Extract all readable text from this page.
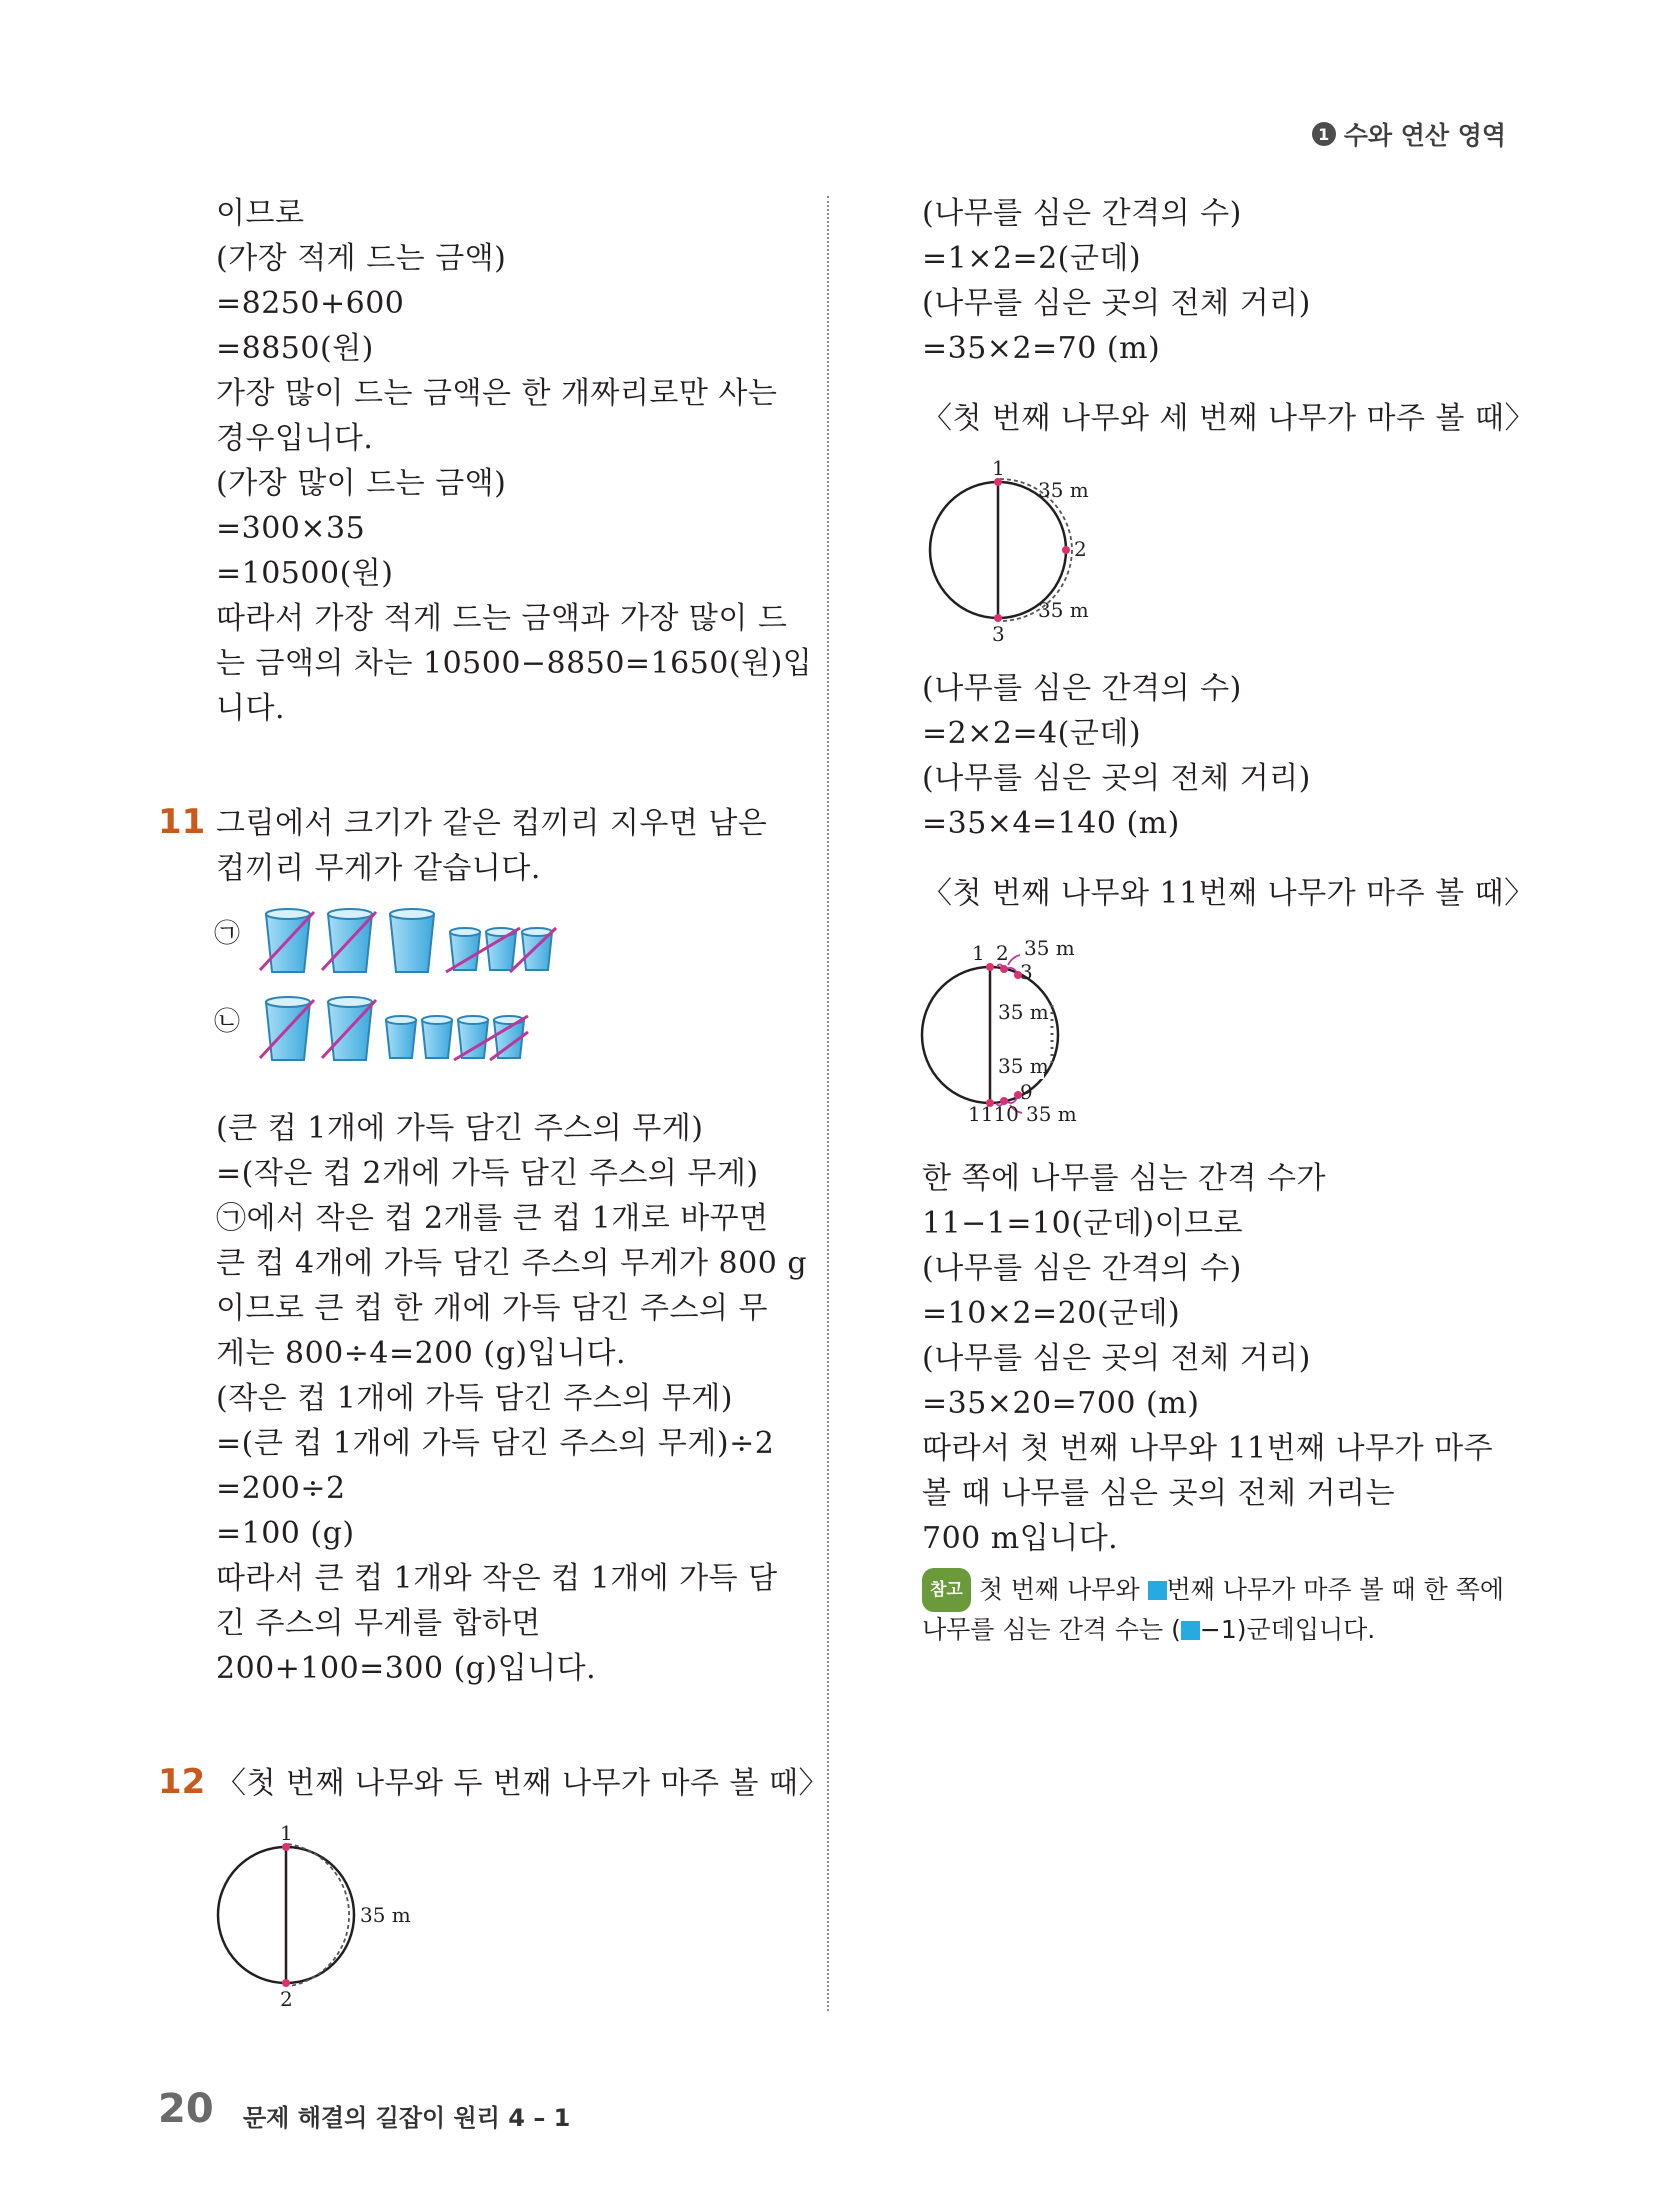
1 수와 연산 영역
이므로
(가장 적게 드는 금액)
=8250+600
=8850(원)
가장 많이 드는 금액은 한 개짜리로만 사는
경우입니다.
(가장 많이 드는 금액)
=300×35
=10500(원)
따라서 가장 적게 드는 금액과 가장 많이 드
는 금액의 차는 10500−8850=1650(원)입
니다.
11 그림에서 크기가 같은 컵끼리 지우면 남은
컵끼리 무게가 같습니다.
㉠
㉡
(큰 컵 1개에 가득 담긴 주스의 무게)
=(작은 컵 2개에 가득 담긴 주스의 무게)
㉠에서 작은 컵 2개를 큰 컵 1개로 바꾸면
큰 컵 4개에 가득 담긴 주스의 무게가 800 g
이므로 큰 컵 한 개에 가득 담긴 주스의 무
게는 800÷4=200 (g)입니다.
(작은 컵 1개에 가득 담긴 주스의 무게)
=(큰 컵 1개에 가득 담긴 주스의 무게)÷2
=200÷2
=100 (g)
따라서 큰 컵 1개와 작은 컵 1개에 가득 담
긴 주스의 무게를 합하면
200+100=300 (g)입니다.
12 〈첫 번째 나무와 두 번째 나무가 마주 볼 때〉
1
2
35 m
(나무를 심은 간격의 수)
=1×2=2(군데)
(나무를 심은 곳의 전체 거리)
=35×2=70 (m)
〈첫 번째 나무와 세 번째 나무가 마주 볼 때〉
1
2
3
35 m
35 m
(나무를 심은 간격의 수)
=2×2=4(군데)
(나무를 심은 곳의 전체 거리)
=35×4=140 (m)
〈첫 번째 나무와 11번째 나무가 마주 볼 때〉
1 2
3
35 m
35 m
35 m
9
1110 35 m
한 쪽에 나무를 심는 간격 수가
11−1=10(군데)이므로
(나무를 심은 간격의 수)
=10×2=20(군데)
(나무를 심은 곳의 전체 거리)
=35×20=700 (m)
따라서 첫 번째 나무와 11번째 나무가 마주
볼 때 나무를 심은 곳의 전체 거리는
700 m입니다.
참고 첫 번째 나무와 번째 나무가 마주 볼 때 한 쪽에
나무를 심는 간격 수는 ( −1)군데입니다.
20 문제 해결의 길잡이 원리 4 – 1
